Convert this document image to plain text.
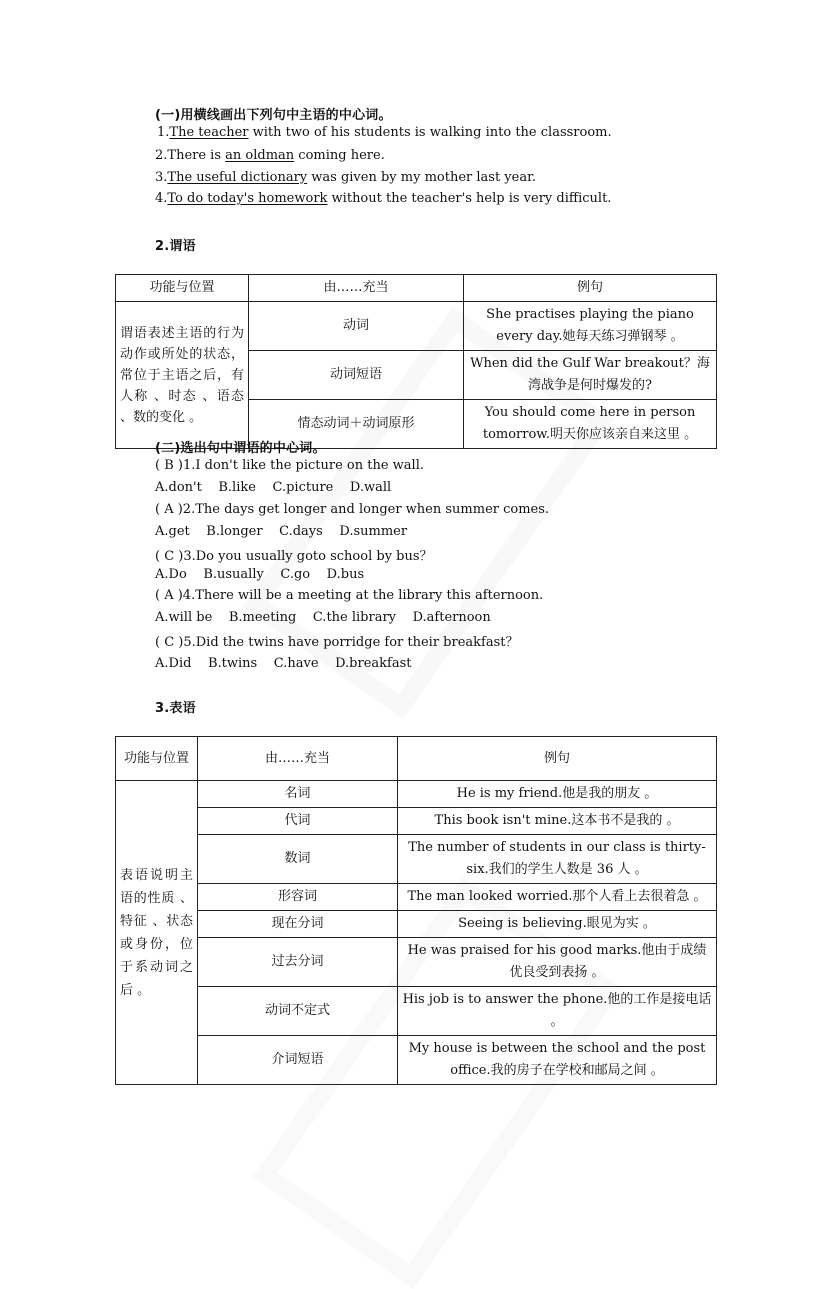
(一)用横线画出下列句中主语的中心词。
1.The teacher with two of his students is walking into the classroom.
2.There is an oldman coming here.
3.The useful dictionary was given by my mother last year.
4.To do today's homework without the teacher's help is very difficult.
2.谓语
功能与位置	由……充当	例句
谓语表述主语的行为动作或所处的状态，常位于主语之后，有人称 、时态 、语态 、数的变化 。	动词	She practises playing the piano every day.她每天练习弹钢琴 。
	动词短语	When did the Gulf War breakout？海湾战争是何时爆发的?
	情态动词＋动词原形	You should come here in person tomorrow.明天你应该亲自来这里 。
(二)选出句中谓语的中心词。
( B )1.I don't like the picture on the wall.
A.don't B.like C.picture D.wall
( A )2.The days get longer and longer when summer comes.
A.get B.longer C.days D.summer
( C )3.Do you usually goto school by bus？
A.Do B.usually C.go D.bus
( A )4.There will be a meeting at the library this afternoon.
A.will be B.meeting C.the library D.afternoon
( C )5.Did the twins have porridge for their breakfast？
A.Did B.twins C.have D.breakfast
3.表语
功能与位置	由……充当	例句
表语说明主语的性质 、特征 、状态或身份，位于系动词之后 。	名词	He is my friend.他是我的朋友 。
	代词	This book isn't mine.这本书不是我的 。
	数词	The number of students in our class is thirty-six.我们的学生人数是 36 人 。
	形容词	The man looked worried.那个人看上去很着急 。
	现在分词	Seeing is believing.眼见为实 。
	过去分词	He was praised for his good marks.他由于成绩优良受到表扬 。
	动词不定式	His job is to answer the phone.他的工作是接电话 。
	介词短语	My house is between the school and the post office.我的房子在学校和邮局之间 。
